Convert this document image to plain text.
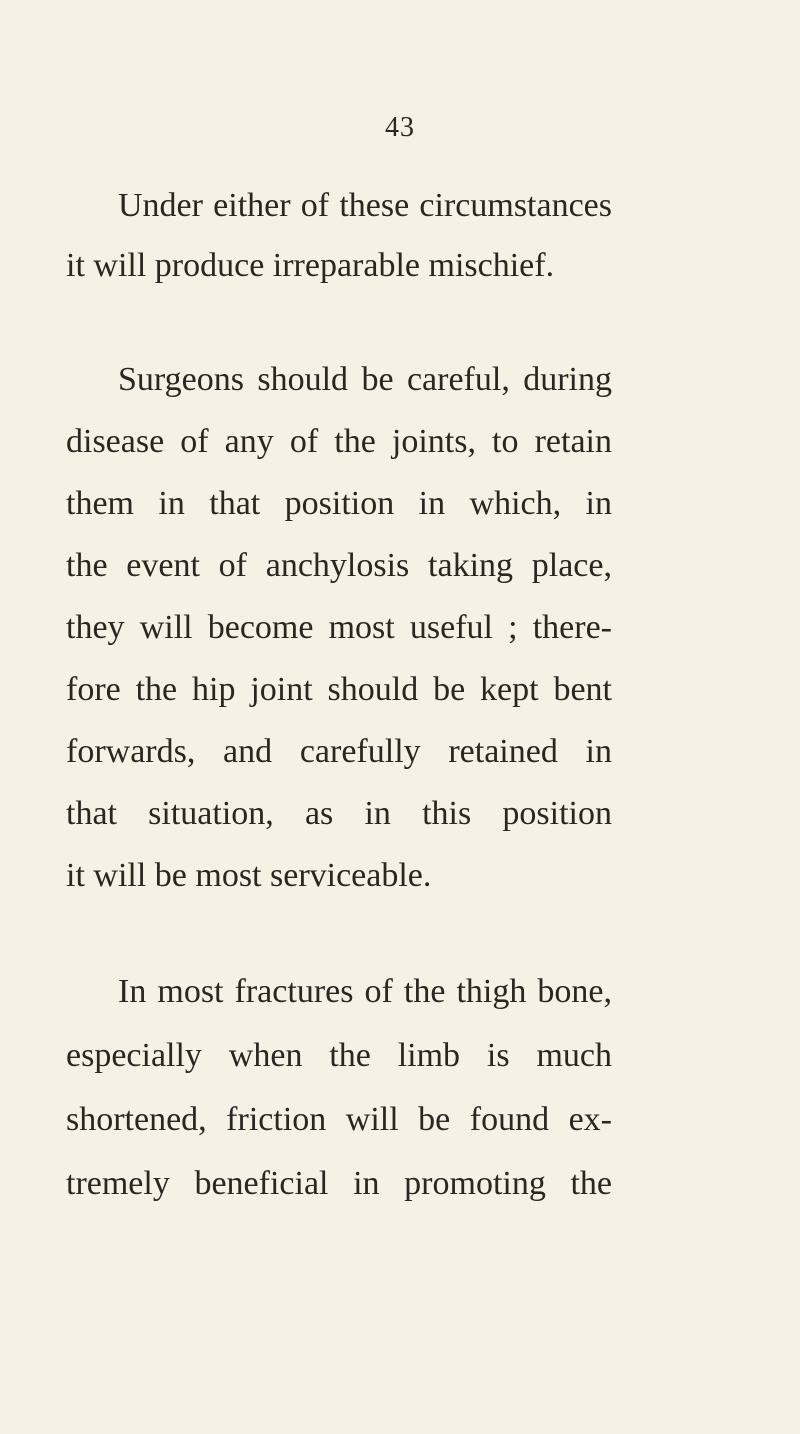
43
Under either of these circumstances
it will produce irreparable mischief.
Surgeons should be careful, during
disease of any of the joints, to retain
them in that position in which, in
the event of anchylosis taking place,
they will become most useful ; there-
fore the hip joint should be kept bent
forwards, and carefully retained in
that situation, as in this position
it will be most serviceable.
In most fractures of the thigh bone,
especially when the limb is much
shortened, friction will be found ex-
tremely beneficial in promoting the
